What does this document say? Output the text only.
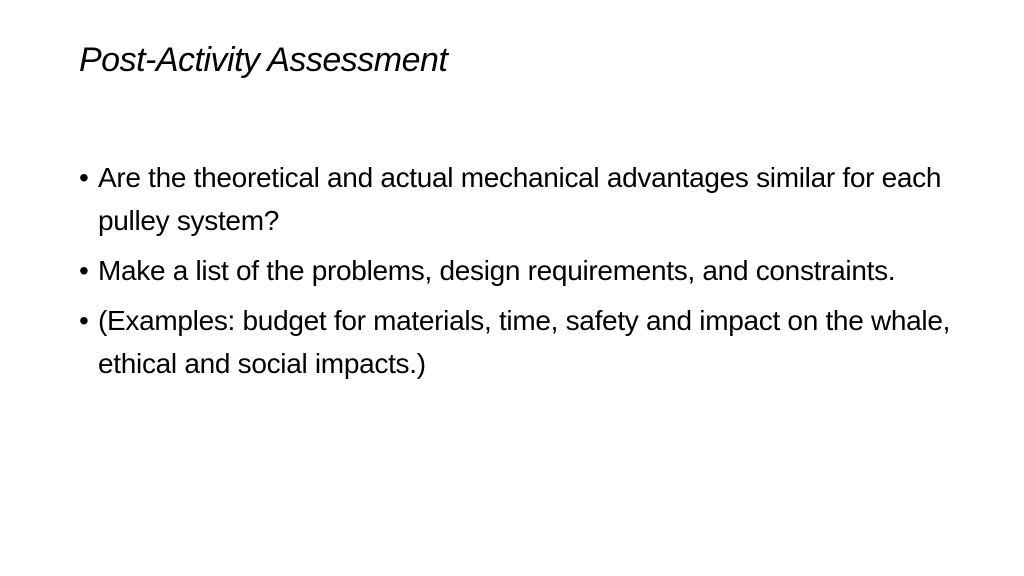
Post-Activity Assessment
• Are the theoretical and actual mechanical advantages similar for each pulley system?
• Make a list of the problems, design requirements, and constraints.
• (Examples: budget for materials, time, safety and impact on the whale, ethical and social impacts.)
